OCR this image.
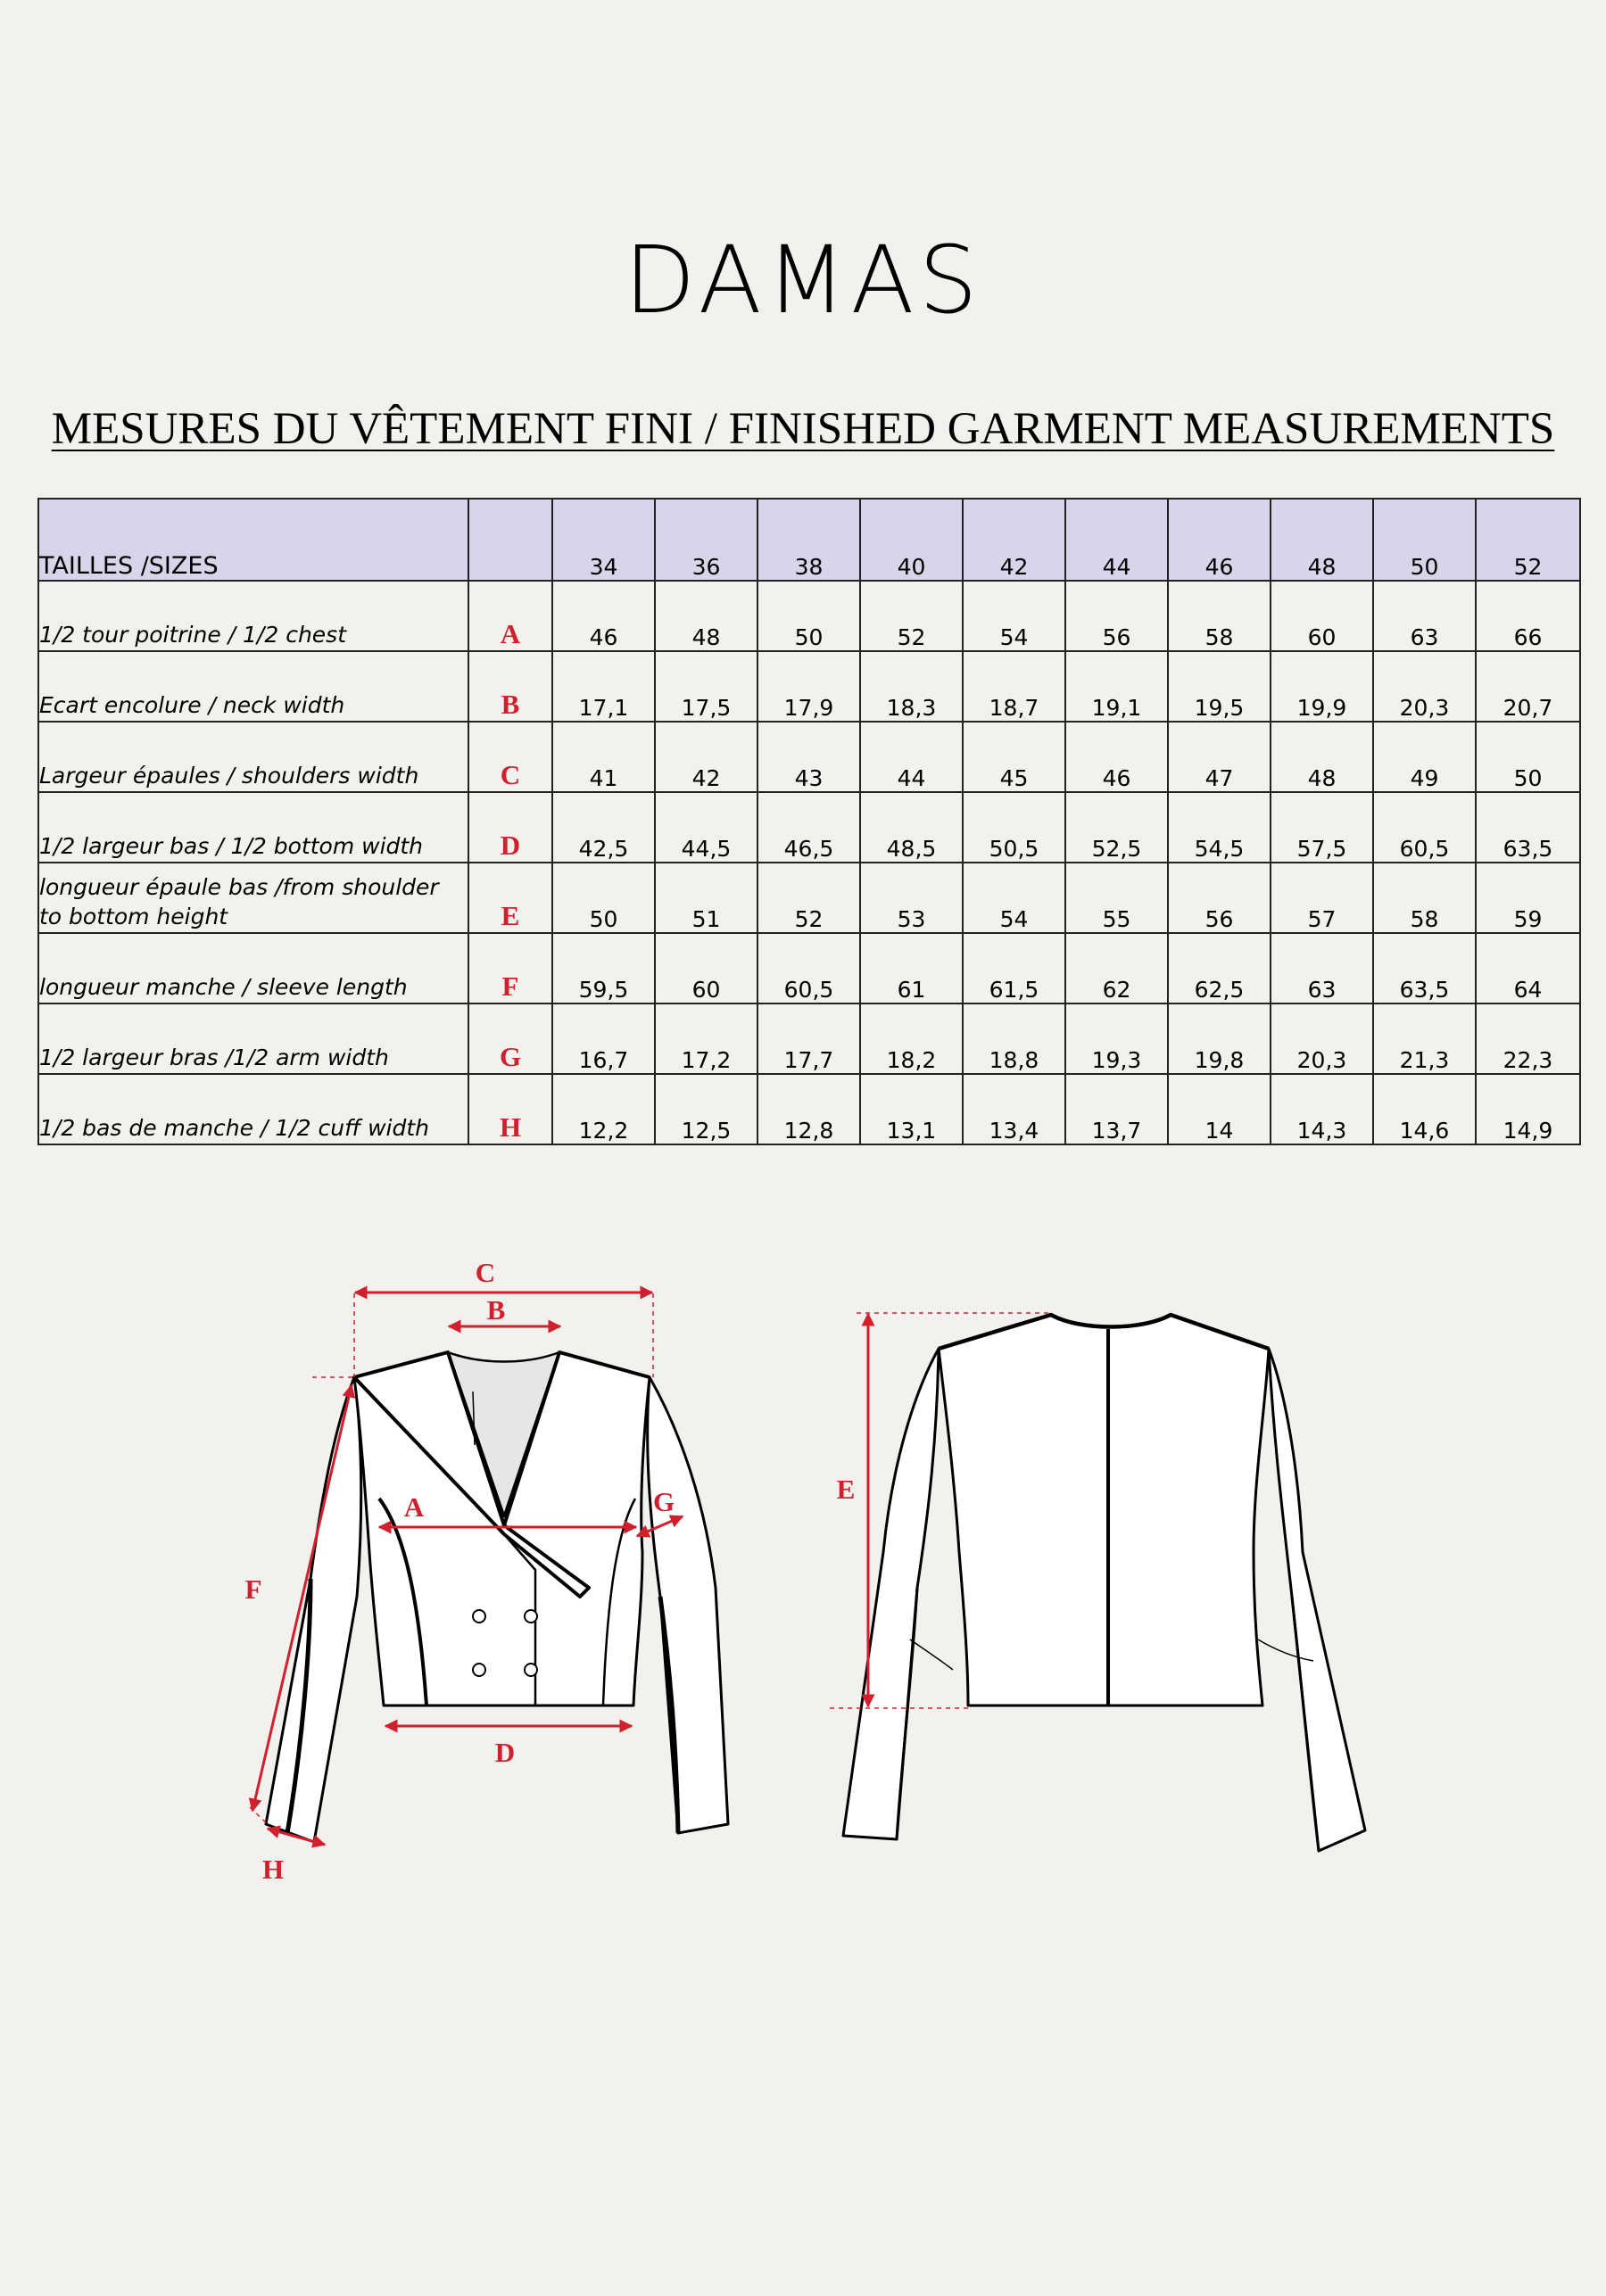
DAMAS
MESURES DU VÊTEMENT FINI / FINISHED GARMENT MEASUREMENTS
TAILLES /SIZES		34	36	38	40	42	44	46	48	50	52
1/2 tour poitrine / 1/2 chest	A	46	48	50	52	54	56	58	60	63	66
Ecart encolure / neck width	B	17,1	17,5	17,9	18,3	18,7	19,1	19,5	19,9	20,3	20,7
Largeur épaules / shoulders width	C	41	42	43	44	45	46	47	48	49	50
1/2 largeur bas / 1/2 bottom width	D	42,5	44,5	46,5	48,5	50,5	52,5	54,5	57,5	60,5	63,5
longueur épaule bas /from shoulder to bottom height	E	50	51	52	53	54	55	56	57	58	59
longueur manche / sleeve length	F	59,5	60	60,5	61	61,5	62	62,5	63	63,5	64
1/2 largeur bras /1/2 arm width	G	16,7	17,2	17,7	18,2	18,8	19,3	19,8	20,3	21,3	22,3
1/2 bas de manche / 1/2 cuff width	H	12,2	12,5	12,8	13,1	13,4	13,7	14	14,3	14,6	14,9
C
B
A	G
D
F
H
E
